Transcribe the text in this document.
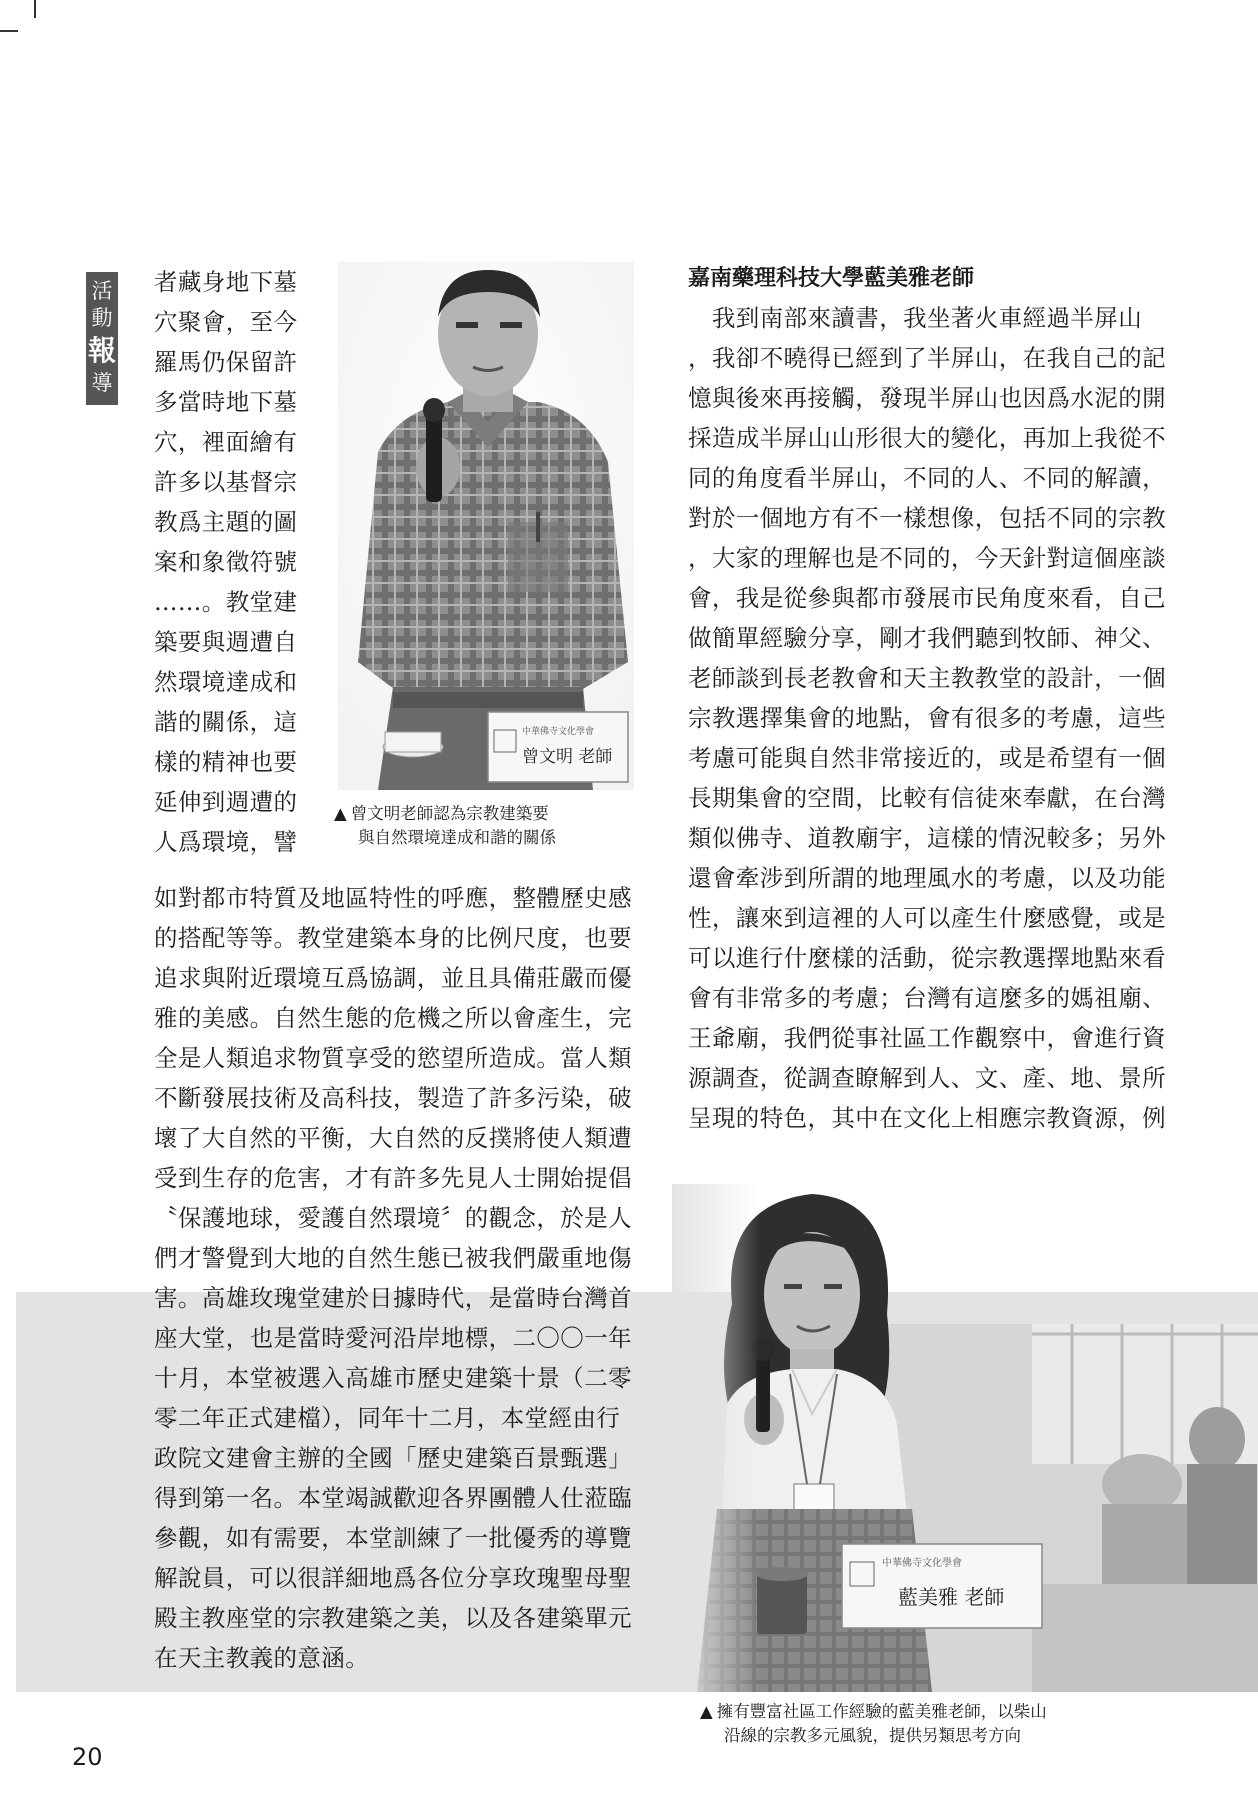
活
動
報
導
者藏身地下墓
穴聚會，至今
羅馬仍保留許
多當時地下墓
穴，裡面繪有
許多以基督宗
教爲主題的圖
案和象徵符號
……。教堂建
築要與週遭自
然環境達成和
諧的關係，這
樣的精神也要
延伸到週遭的
人爲環境，譬
如對都市特質及地區特性的呼應，整體歷史感
的搭配等等。教堂建築本身的比例尺度，也要
追求與附近環境互爲協調，並且具備莊嚴而優
雅的美感。自然生態的危機之所以會產生，完
全是人類追求物質享受的慾望所造成。當人類
不斷發展技術及高科技，製造了許多污染，破
壞了大自然的平衡，大自然的反撲將使人類遭
受到生存的危害，才有許多先見人士開始提倡
〝保護地球，愛護自然環境〞的觀念，於是人
們才警覺到大地的自然生態已被我們嚴重地傷
害。高雄玫瑰堂建於日據時代，是當時台灣首
座大堂，也是當時愛河沿岸地標，二〇〇一年
十月，本堂被選入高雄市歷史建築十景（二零
零二年正式建檔），同年十二月，本堂經由行
政院文建會主辦的全國「歷史建築百景甄選」
得到第一名。本堂竭誠歡迎各界團體人仕蒞臨
參觀，如有需要，本堂訓練了一批優秀的導覽
解說員，可以很詳細地爲各位分享玫瑰聖母聖
殿主教座堂的宗教建築之美，以及各建築單元
在天主教義的意涵。
中華佛寺文化學會
曾文明 老師
▲ 曾文明老師認為宗教建築要
與自然環境達成和諧的關係
嘉南藥理科技大學藍美雅老師
　我到南部來讀書，我坐著火車經過半屏山
，我卻不曉得已經到了半屏山，在我自己的記
憶與後來再接觸，發現半屏山也因爲水泥的開
採造成半屏山山形很大的變化，再加上我從不
同的角度看半屏山，不同的人、不同的解讀，
對於一個地方有不一樣想像，包括不同的宗教
，大家的理解也是不同的，今天針對這個座談
會，我是從參與都市發展市民角度來看，自己
做簡單經驗分享，剛才我們聽到牧師、神父、
老師談到長老教會和天主教教堂的設計，一個
宗教選擇集會的地點，會有很多的考慮，這些
考慮可能與自然非常接近的，或是希望有一個
長期集會的空間，比較有信徒來奉獻，在台灣
類似佛寺、道教廟宇，這樣的情況較多；另外
還會牽涉到所謂的地理風水的考慮，以及功能
性，讓來到這裡的人可以產生什麼感覺，或是
可以進行什麼樣的活動，從宗教選擇地點來看
會有非常多的考慮；台灣有這麼多的媽祖廟、
王爺廟，我們從事社區工作觀察中，會進行資
源調查，從調查瞭解到人、文、產、地、景所
呈現的特色，其中在文化上相應宗教資源，例
▲ 擁有豐富社區工作經驗的藍美雅老師，以柴山
沿線的宗教多元風貌，提供另類思考方向
20
